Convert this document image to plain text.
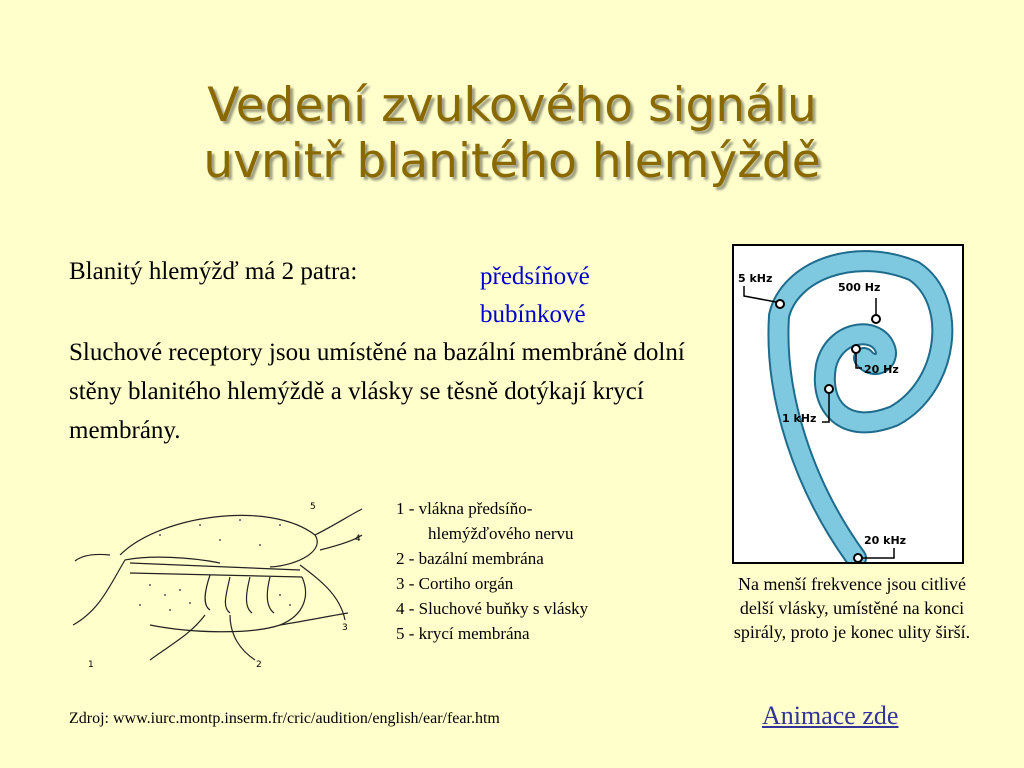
Vedení zvukového signálu
uvnitř blanitého hlemýždě
Blanitý hlemýžď má 2 patra:	předsíňové
bubínkové
Sluchové receptory jsou umístěné na bazální membráně dolní stěny blanitého hlemýždě a vlásky se těsně dotýkají krycí membrány.
1	2
3
4
5	1 - vlákna předsíňo-
hlemýžďového nervu
2 - bazální membrána
3 - Cortiho orgán
4 - Sluchové buňky s vlásky
5 - krycí membrána
5 kHz
500 Hz
20 Hz
1 kHz
20 kHz
Na menší frekvence jsou citlivé delší vlásky, umístěné na konci spirály, proto je konec ulity širší.
Zdroj: www.iurc.montp.inserm.fr/cric/audition/english/ear/fear.htm	Animace zde
